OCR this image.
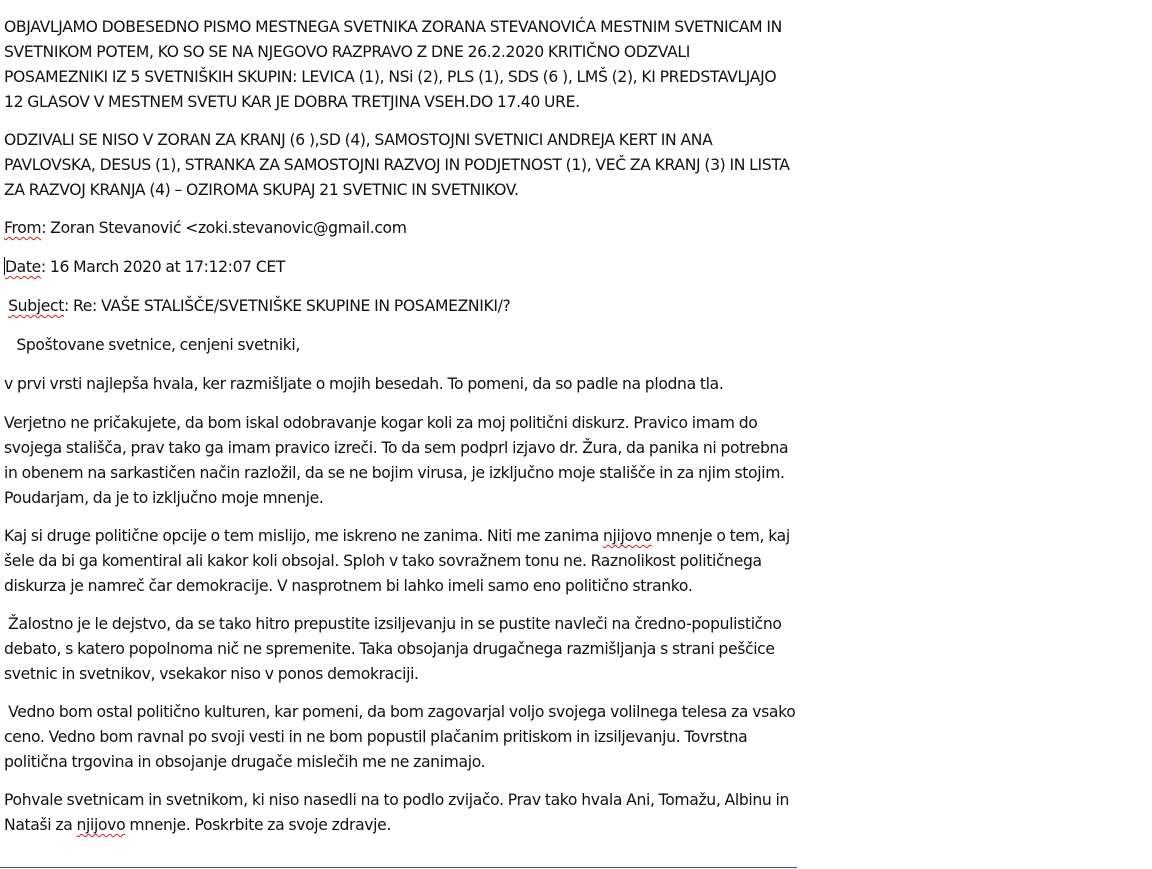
OBJAVLJAMO DOBESEDNO PISMO MESTNEGA SVETNIKA ZORANA STEVANOVIĆA MESTNIM SVETNICAM IN SVETNIKOM POTEM, KO SO SE NA NJEGOVO RAZPRAVO Z DNE 26.2.2020 KRITIČNO ODZVALI POSAMEZNIKI IZ 5 SVETNIŠKIH SKUPIN: LEVICA (1), NSi (2), PLS (1), SDS (6 ), LMŠ (2), KI PREDSTAVLJAJO 12 GLASOV V MESTNEM SVETU KAR JE DOBRA TRETJINA VSEH.DO 17.40 URE.

ODZIVALI SE NISO V ZORAN ZA KRANJ (6 ),SD (4), SAMOSTOJNI SVETNICI ANDREJA KERT IN ANA PAVLOVSKA, DESUS (1), STRANKA ZA SAMOSTOJNI RAZVOJ IN PODJETNOST (1), VEČ ZA KRANJ (3) IN LISTA ZA RAZVOJ KRANJA (4) – OZIROMA SKUPAJ 21 SVETNIC IN SVETNIKOV.

From: Zoran Stevanović <zoki.stevanovic@gmail.com

Date: 16 March 2020 at 17:12:07 CET

Subject: Re: VAŠE STALIŠČE/SVETNIŠKE SKUPINE IN POSAMEZNIKI/?

Spoštovane svetnice, cenjeni svetniki,

v prvi vrsti najlepša hvala, ker razmišljate o mojih besedah. To pomeni, da so padle na plodna tla.

Verjetno ne pričakujete, da bom iskal odobravanje kogar koli za moj politični diskurz. Pravico imam do svojega stališča, prav tako ga imam pravico izreči. To da sem podprl izjavo dr. Žura, da panika ni potrebna in obenem na sarkastičen način razložil, da se ne bojim virusa, je izključno moje stališče in za njim stojim. Poudarjam, da je to izključno moje mnenje.

Kaj si druge politične opcije o tem mislijo, me iskreno ne zanima. Niti me zanima njijovo mnenje o tem, kaj šele da bi ga komentiral ali kakor koli obsojal. Sploh v tako sovražnem tonu ne. Raznolikost političnega diskurza je namreč čar demokracije. V nasprotnem bi lahko imeli samo eno politično stranko.

Žalostno je le dejstvo, da se tako hitro prepustite izsiljevanju in se pustite navleči na čredno-populistično debato, s katero popolnoma nič ne spremenite. Taka obsojanja drugačnega razmišljanja s strani peščice svetnic in svetnikov, vsekakor niso v ponos demokraciji.

Vedno bom ostal politično kulturen, kar pomeni, da bom zagovarjal voljo svojega volilnega telesa za vsako ceno. Vedno bom ravnal po svoji vesti in ne bom popustil plačanim pritiskom in izsiljevanju. Tovrstna politična trgovina in obsojanje drugače mislečih me ne zanimajo.

Pohvale svetnicam in svetnikom, ki niso nasedli na to podlo zvijačo. Prav tako hvala Ani, Tomažu, Albinu in Nataši za njijovo mnenje. Poskrbite za svoje zdravje.
